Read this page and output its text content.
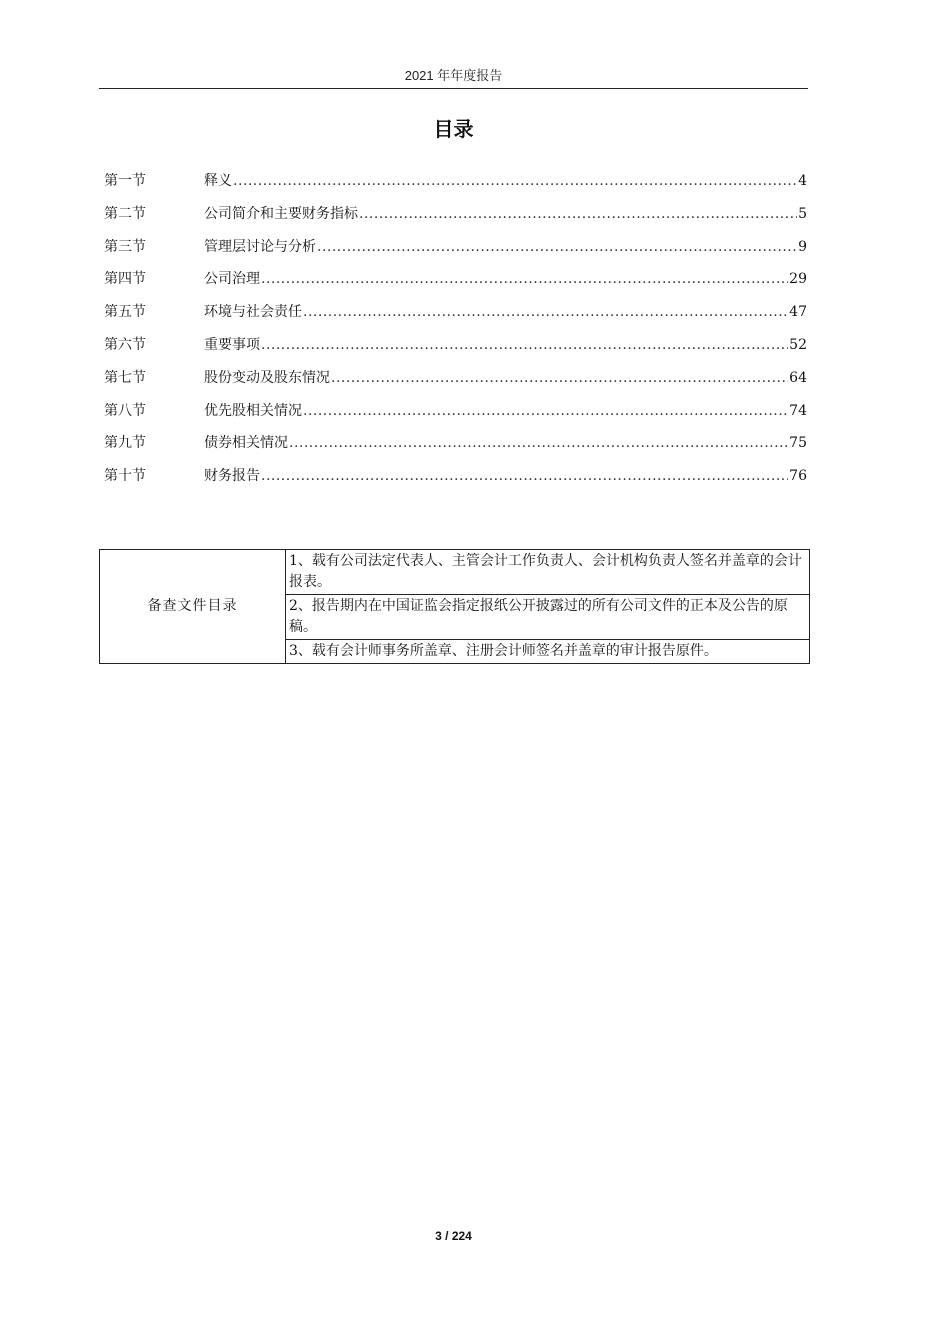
2021 年年度报告
目录
第一节	释义 .....	4
第二节	公司简介和主要财务指标 .....	5
第三节	管理层讨论与分析 .....	9
第四节	公司治理 .....	29
第五节	环境与社会责任 .....	47
第六节	重要事项 .....	52
第七节	股份变动及股东情况 .....	64
第八节	优先股相关情况 .....	74
第九节	债券相关情况 .....	75
第十节	财务报告 .....	76
备查文件目录	1、载有公司法定代表人、主管会计工作负责人、会计机构负责人签名并盖章的会计报表。
2、报告期内在中国证监会指定报纸公开披露过的所有公司文件的正本及公告的原稿。
3、载有会计师事务所盖章、注册会计师签名并盖章的审计报告原件。
3 / 224
